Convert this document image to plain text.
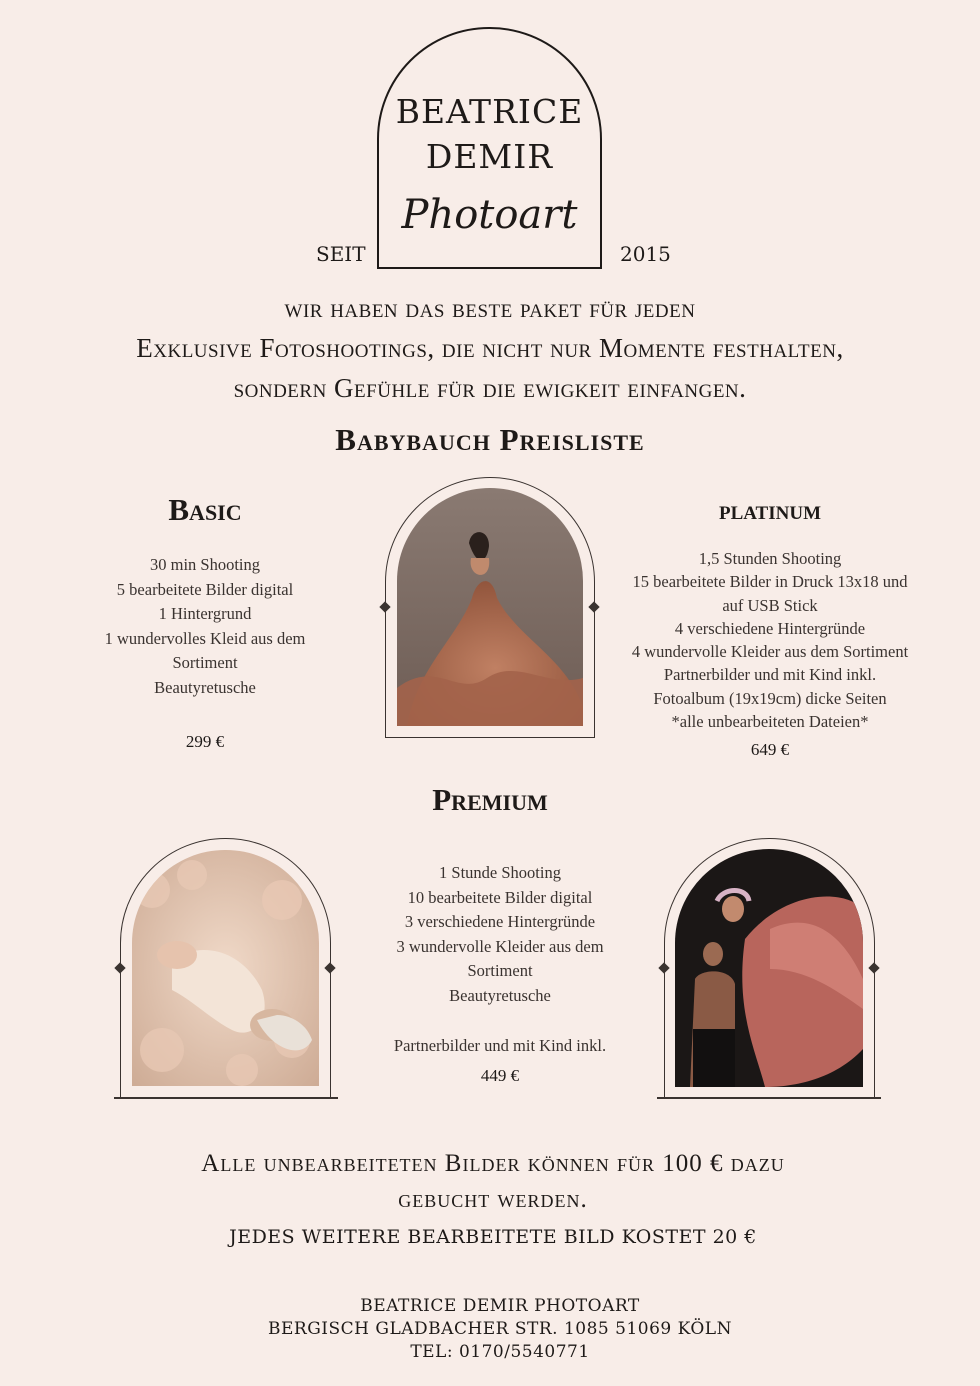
BEATRICE
DEMIR
Photoart
SEIT	2015
wir haben das beste paket für jeden
Exklusive Fotoshootings, die nicht nur Momente festhalten,
sondern Gefühle für die ewigkeit einfangen.
Babybauch Preisliste
Basic
30 min Shooting
5 bearbeitete Bilder digital
1 Hintergrund
1 wundervolles Kleid aus dem
Sortiment
Beautyretusche
299 €
platinum
1,5 Stunden Shooting
15 bearbeitete Bilder in Druck 13x18 und
auf USB Stick
4 verschiedene Hintergründe
4 wundervolle Kleider aus dem Sortiment
Partnerbilder und mit Kind inkl.
Fotoalbum (19x19cm) dicke Seiten
*alle unbearbeiteten Dateien*
649 €
Premium
1 Stunde Shooting
10 bearbeitete Bilder digital
3 verschiedene Hintergründe
3 wundervolle Kleider aus dem
Sortiment
Beautyretusche
Partnerbilder und mit Kind inkl.
449 €
Alle unbearbeiteten Bilder können für 100 € dazu
gebucht werden.
JEDES WEITERE BEARBEITETE BILD KOSTET 20 €
BEATRICE DEMIR PHOTOART
BERGISCH GLADBACHER STR. 1085 51069 KÖLN
TEL: 0170/5540771
